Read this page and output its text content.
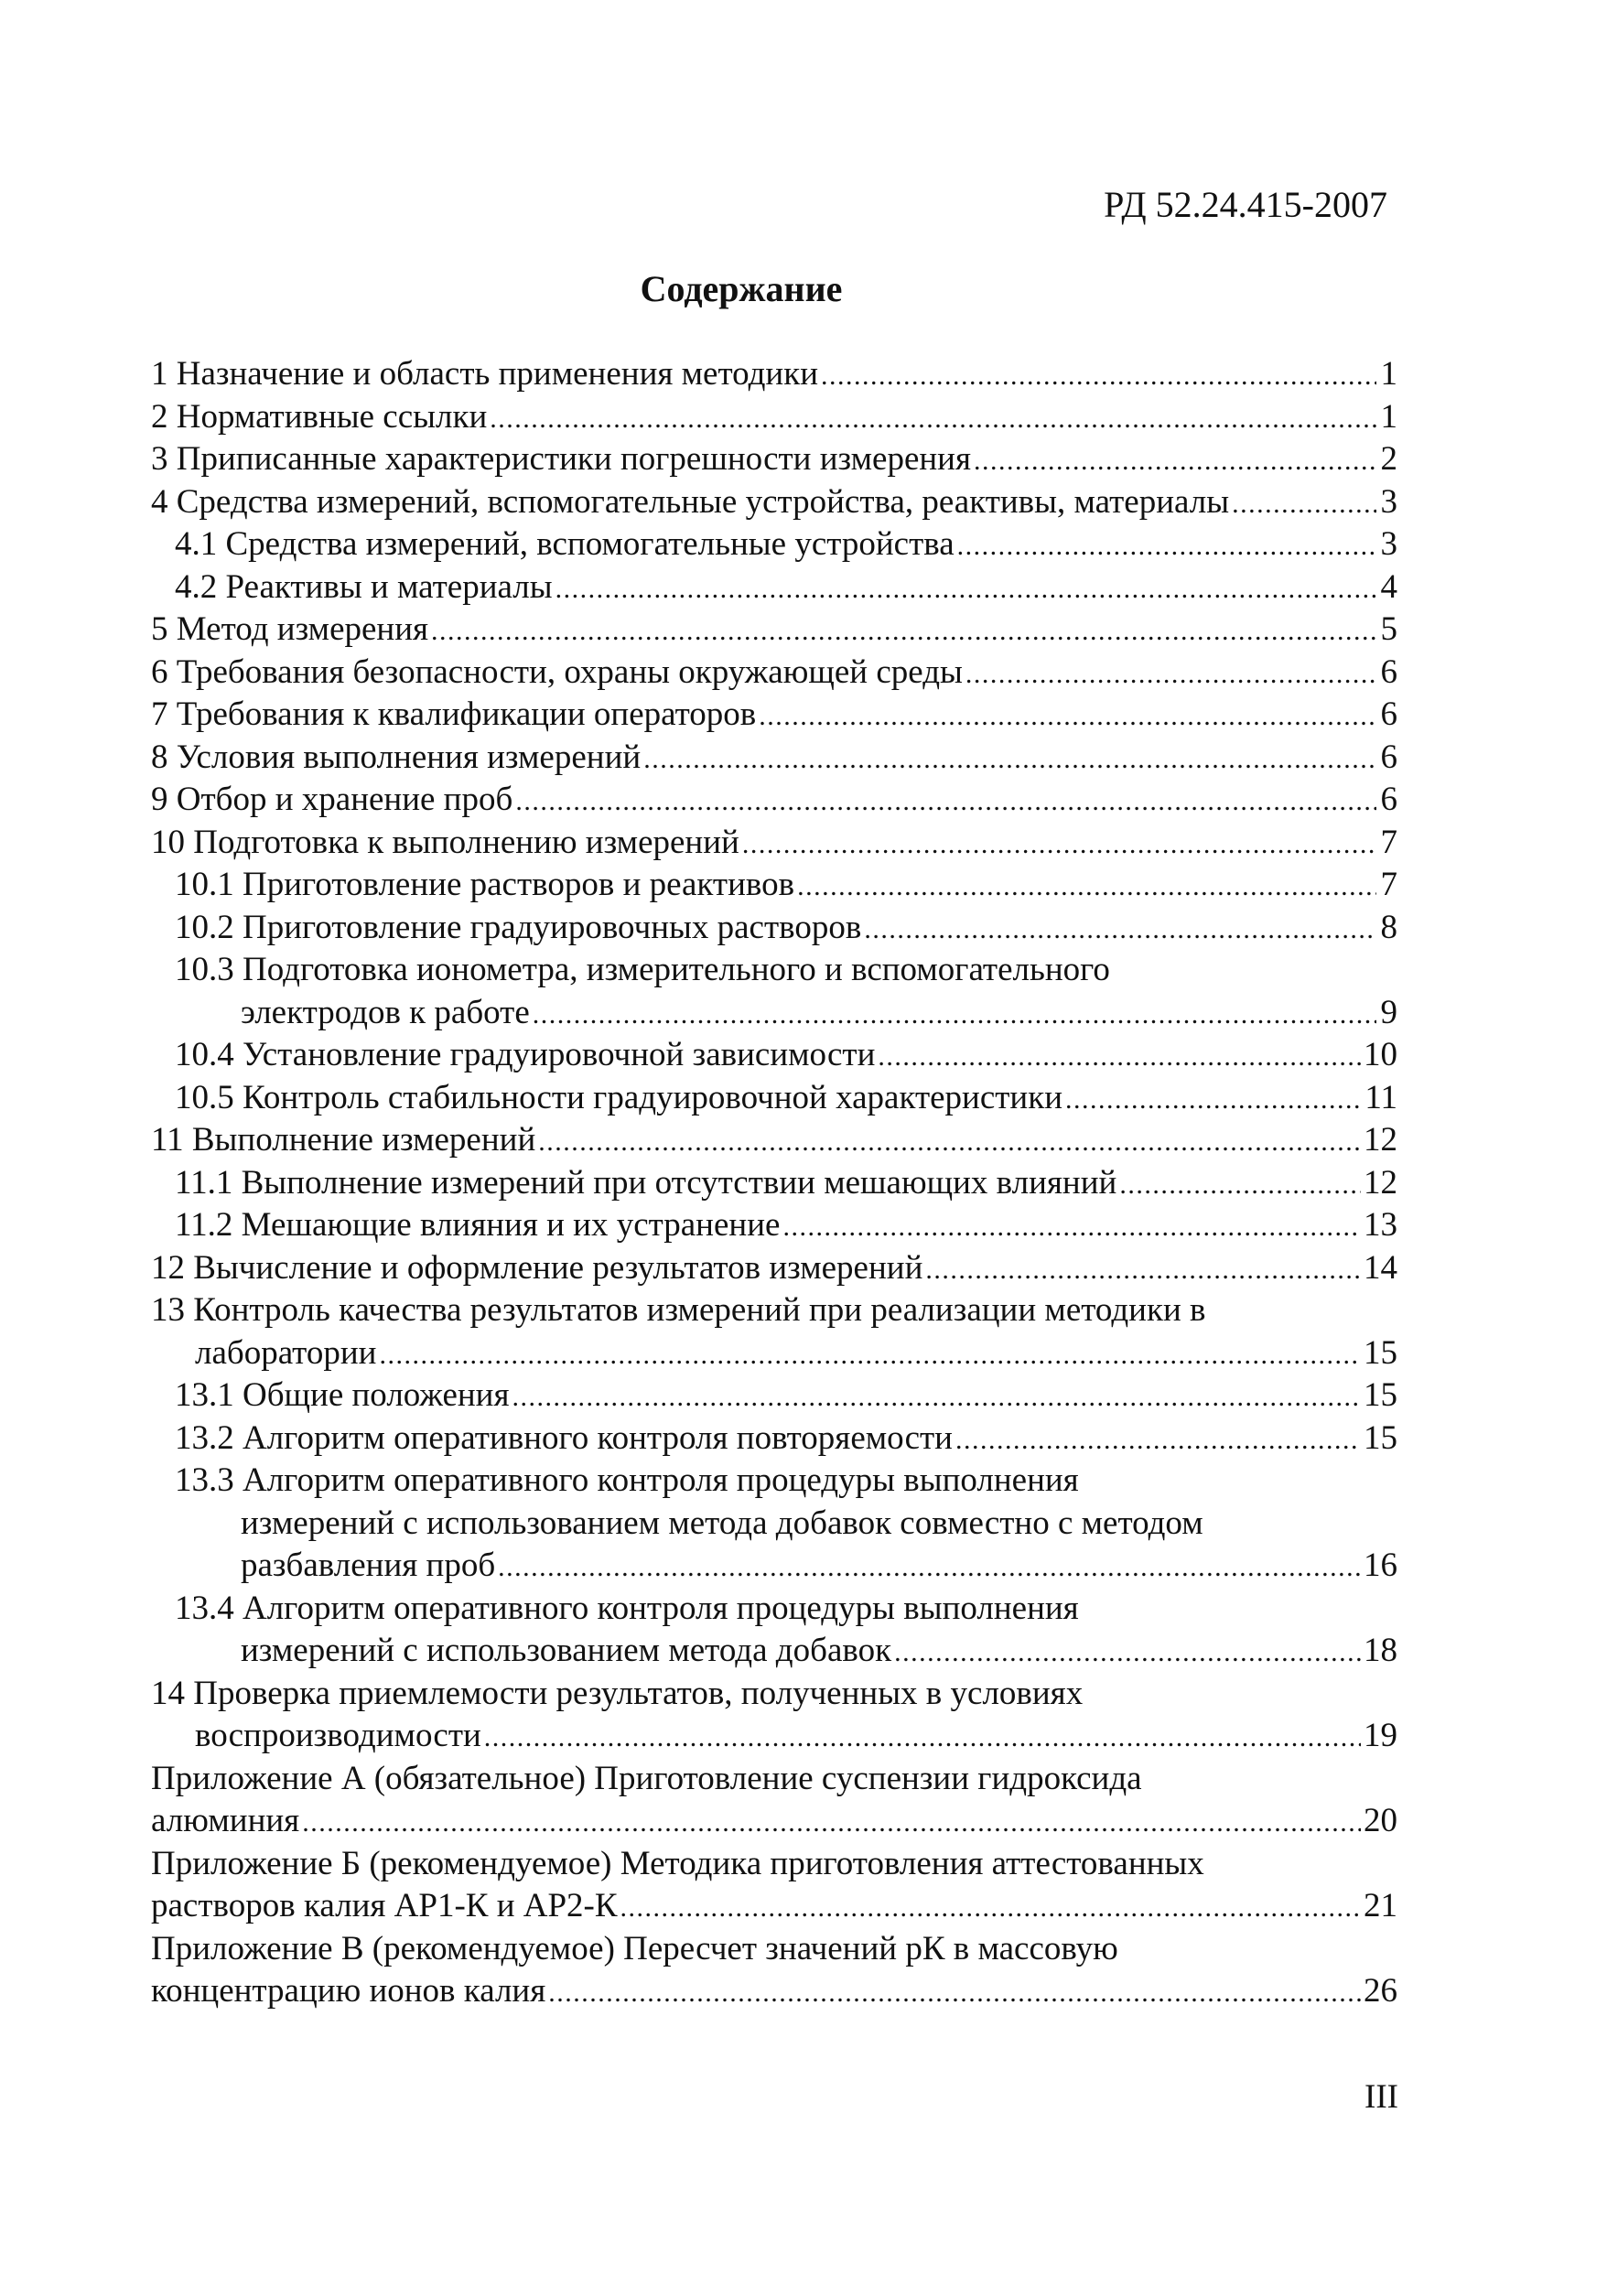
РД 52.24.415-2007
Содержание
1 Назначение и область применения методики . . .	1
2 Нормативные ссылки . . .	1
3 Приписанные характеристики погрешности измерения . . .	2
4 Средства измерений, вспомогательные устройства, реактивы, материалы . . .	3
4.1 Средства измерений, вспомогательные устройства . . .	3
4.2 Реактивы и материалы . . .	4
5 Метод измерения . . .	5
6 Требования безопасности, охраны окружающей среды . . .	6
7 Требования к квалификации операторов . . .	6
8 Условия выполнения измерений . . .	6
9 Отбор и хранение проб . . .	6
10 Подготовка к выполнению измерений . . .	7
10.1 Приготовление растворов и реактивов . . .	7
10.2 Приготовление градуировочных растворов . . .	8
10.3 Подготовка ионометра, измерительного и вспомогательного
электродов к работе . . .	9
10.4 Установление градуировочной зависимости . . .	10
10.5 Контроль стабильности градуировочной характеристики . . .	11
11 Выполнение измерений . . .	12
11.1 Выполнение измерений при отсутствии мешающих влияний . . .	12
11.2 Мешающие влияния и их устранение . . .	13
12 Вычисление и оформление результатов измерений . . .	14
13 Контроль качества результатов измерений при реализации методики в
лаборатории . . .	15
13.1 Общие положения . . .	15
13.2 Алгоритм оперативного контроля повторяемости . . .	15
13.3 Алгоритм оперативного контроля процедуры выполнения
измерений с использованием метода добавок совместно с методом
разбавления проб . . .	16
13.4 Алгоритм оперативного контроля процедуры выполнения
измерений с использованием метода добавок . . .	18
14 Проверка приемлемости результатов, полученных в условиях
воспроизводимости . . .	19
Приложение А (обязательное) Приготовление суспензии гидроксида
алюминия . . .	20
Приложение Б (рекомендуемое) Методика приготовления аттестованных
растворов калия АР1-К и АР2-К . . .	21
Приложение В (рекомендуемое) Пересчет значений рК в массовую
концентрацию ионов калия . . .	26
III
